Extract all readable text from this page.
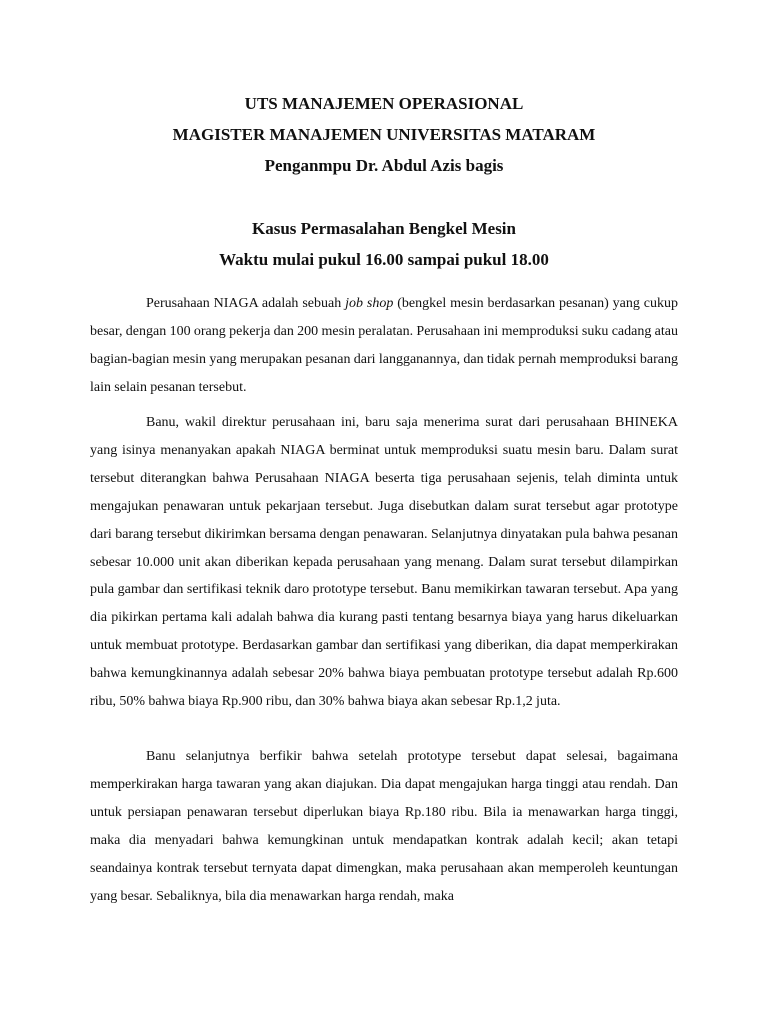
UTS MANAJEMEN OPERASIONAL
MAGISTER MANAJEMEN UNIVERSITAS MATARAM
Penganmpu Dr. Abdul Azis bagis
Kasus Permasalahan Bengkel Mesin
Waktu mulai pukul 16.00 sampai pukul 18.00

Perusahaan NIAGA adalah sebuah job shop (bengkel mesin berdasarkan pesanan) yang cukup besar, dengan 100 orang pekerja dan 200 mesin peralatan. Perusahaan ini memproduksi suku cadang atau bagian-bagian mesin yang merupakan pesanan dari langganannya, dan tidak pernah memproduksi barang lain selain pesanan tersebut.

Banu, wakil direktur perusahaan ini, baru saja menerima surat dari perusahaan BHINEKA yang isinya menanyakan apakah NIAGA berminat untuk memproduksi suatu mesin baru. Dalam surat tersebut diterangkan bahwa Perusahaan NIAGA beserta tiga perusahaan sejenis, telah diminta untuk mengajukan penawaran untuk pekarjaan tersebut. Juga disebutkan dalam surat tersebut agar prototype dari barang tersebut dikirimkan bersama dengan penawaran. Selanjutnya dinyatakan pula bahwa pesanan sebesar 10.000 unit akan diberikan kepada perusahaan yang menang. Dalam surat tersebut dilampirkan pula gambar dan sertifikasi teknik daro prototype tersebut. Banu memikirkan tawaran tersebut. Apa yang dia pikirkan pertama kali adalah bahwa dia kurang pasti tentang besarnya biaya yang harus dikeluarkan untuk membuat prototype. Berdasarkan gambar dan sertifikasi yang diberikan, dia dapat memperkirakan bahwa kemungkinannya adalah sebesar 20% bahwa biaya pembuatan prototype tersebut adalah Rp.600 ribu, 50% bahwa biaya Rp.900 ribu, dan 30% bahwa biaya akan sebesar Rp.1,2 juta.

Banu selanjutnya berfikir bahwa setelah prototype tersebut dapat selesai, bagaimana memperkirakan harga tawaran yang akan diajukan. Dia dapat mengajukan harga tinggi atau rendah. Dan untuk persiapan penawaran tersebut diperlukan biaya Rp.180 ribu. Bila ia menawarkan harga tinggi, maka dia menyadari bahwa kemungkinan untuk mendapatkan kontrak adalah kecil; akan tetapi seandainya kontrak tersebut ternyata dapat dimengkan, maka perusahaan akan memperoleh keuntungan yang besar. Sebaliknya, bila dia menawarkan harga rendah, maka
